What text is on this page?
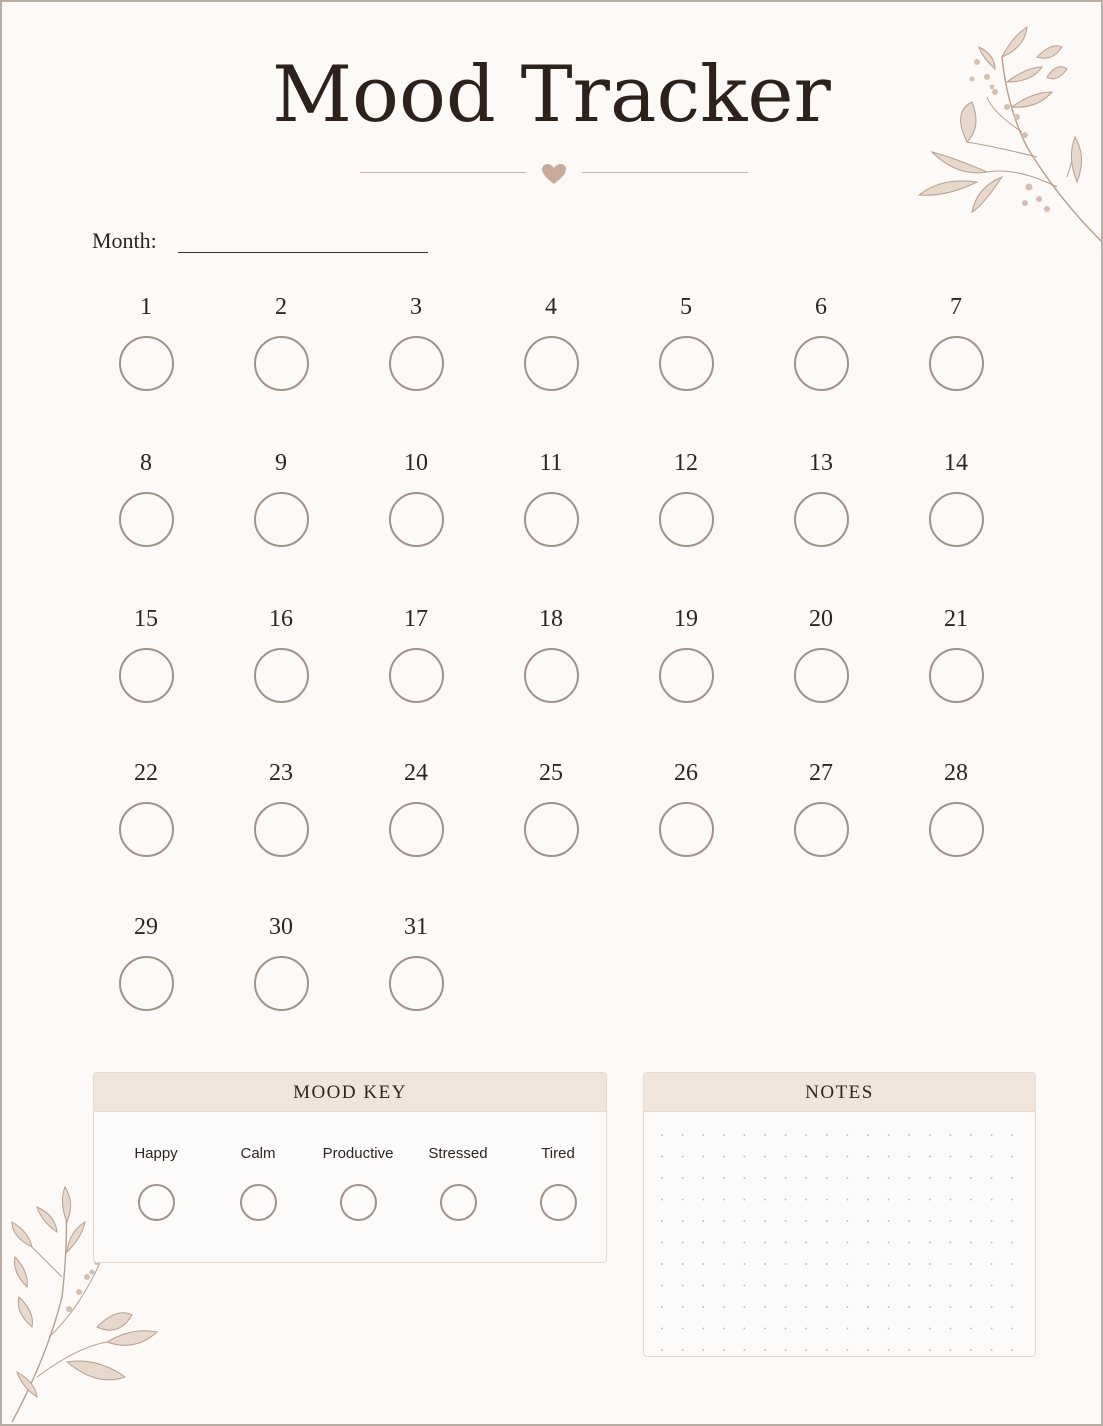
Mood Tracker
Month:
1	2	3	4	5	6	7
8	9	10	11	12	13	14
15	16	17	18	19	20	21
22	23	24	25	26	27	28
29	30	31
MOOD KEY
Happy	Calm	Productive	Stressed	Tired
NOTES
